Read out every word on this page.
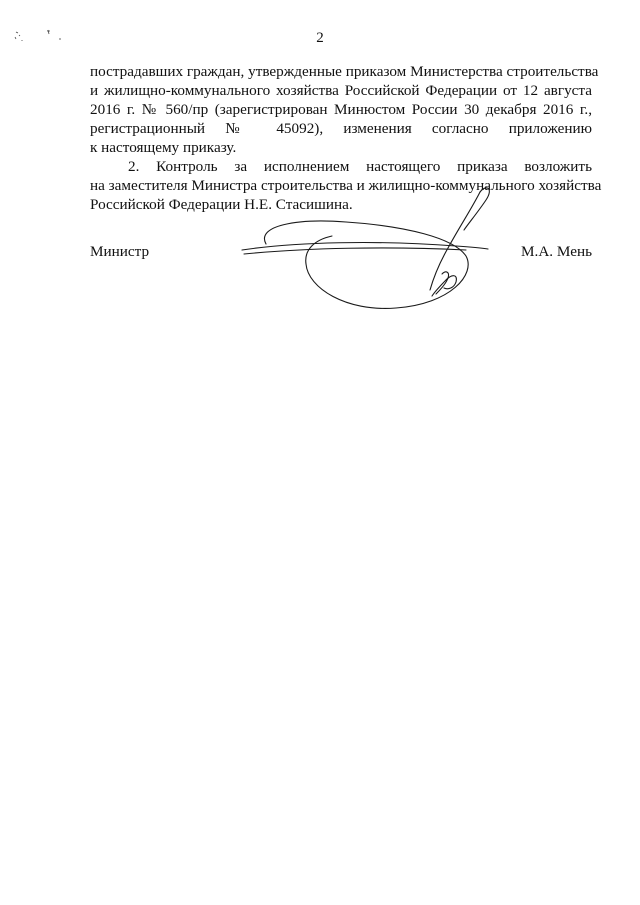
2

пострадавших граждан, утвержденные приказом Министерства строительства
и жилищно-коммунального хозяйства Российской Федерации от 12 августа
2016 г. № 560/пр (зарегистрирован Минюстом России 30 декабря 2016 г.,
регистрационный № 45092), изменения согласно приложению
к настоящему приказу.

2. Контроль за исполнением настоящего приказа возложить
на заместителя Министра строительства и жилищно-коммунального хозяйства
Российской Федерации Н.Е. Стасишина.

Министр	М.А. Мень
